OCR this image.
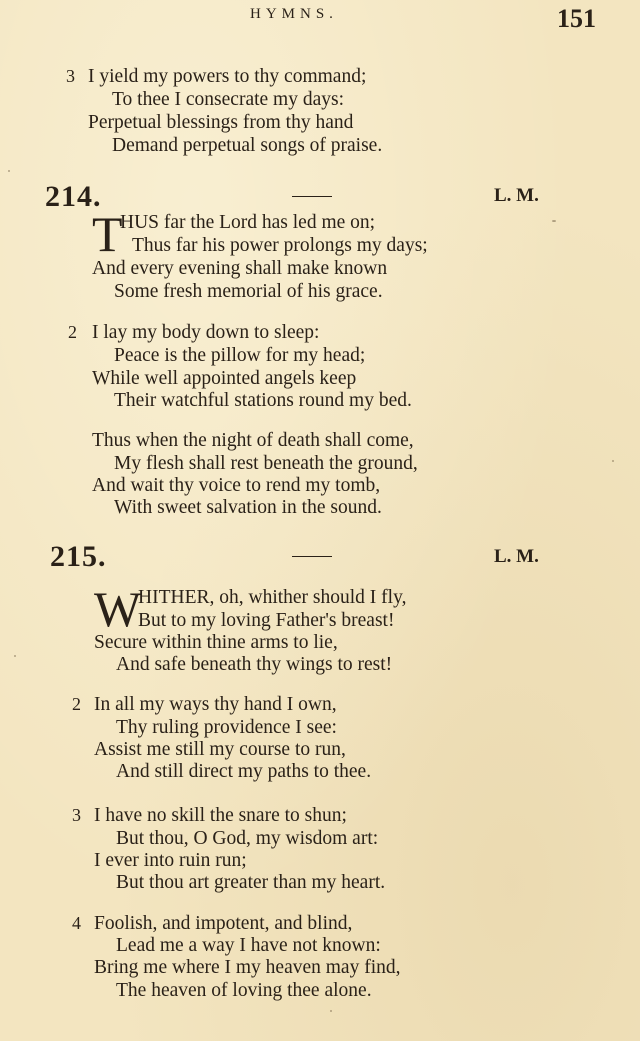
HYMNS.	151
3 I yield my powers to thy command;
To thee I consecrate my days:
Perpetual blessings from thy hand
Demand perpetual songs of praise.
214.	L. M.
T
HUS far the Lord has led me on;
Thus far his power prolongs my days;
And every evening shall make known
Some fresh memorial of his grace.
2 I lay my body down to sleep:
Peace is the pillow for my head;
While well appointed angels keep
Their watchful stations round my bed.
Thus when the night of death shall come,
My flesh shall rest beneath the ground,
And wait thy voice to rend my tomb,
With sweet salvation in the sound.
215.	L. M.
W
HITHER, oh, whither should I fly,
But to my loving Father's breast!
Secure within thine arms to lie,
And safe beneath thy wings to rest!
2 In all my ways thy hand I own,
Thy ruling providence I see:
Assist me still my course to run,
And still direct my paths to thee.
3 I have no skill the snare to shun;
But thou, O God, my wisdom art:
I ever into ruin run;
But thou art greater than my heart.
4 Foolish, and impotent, and blind,
Lead me a way I have not known:
Bring me where I my heaven may find,
The heaven of loving thee alone.
